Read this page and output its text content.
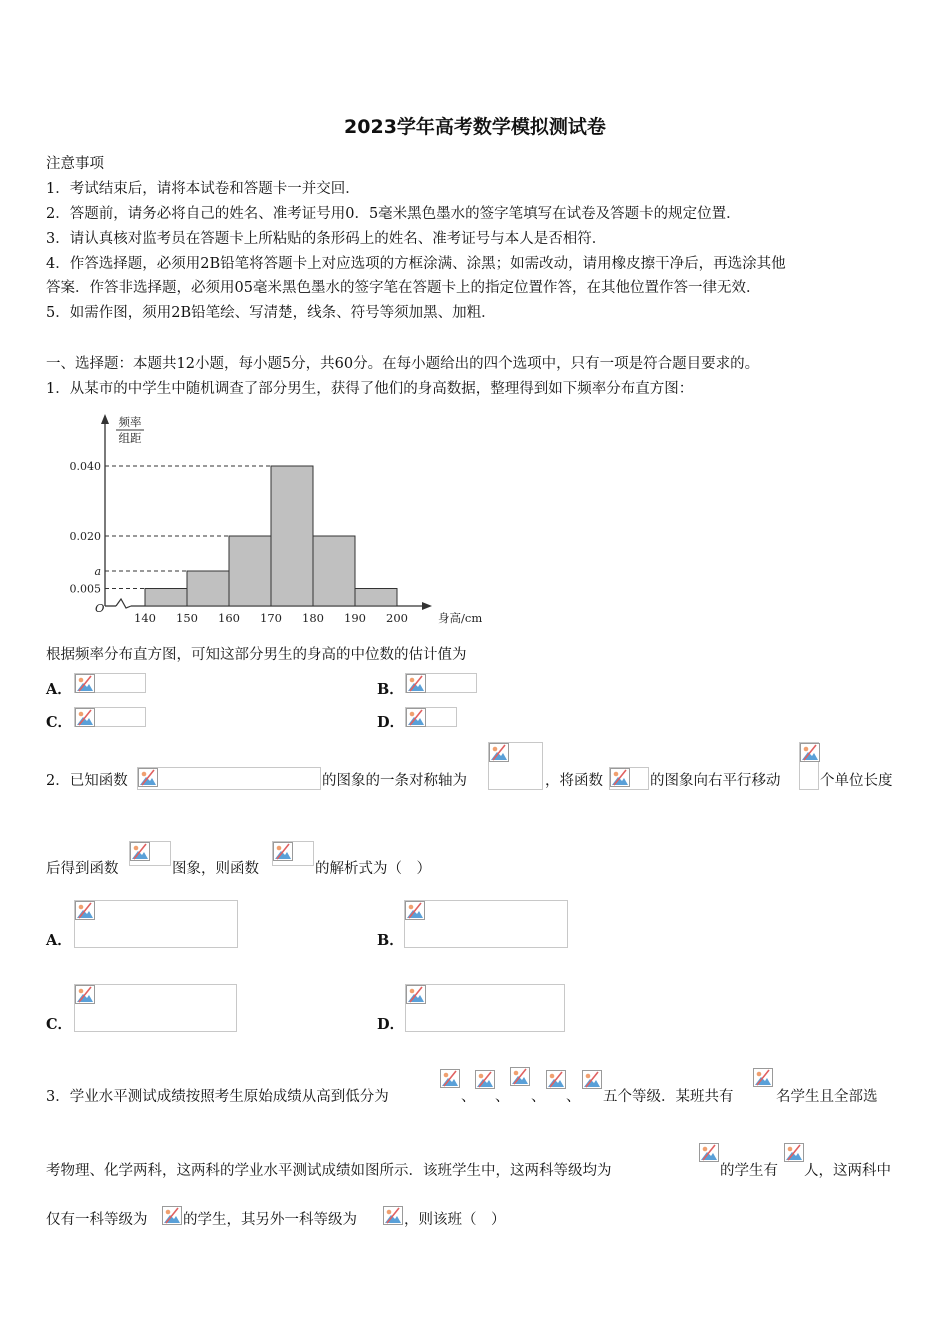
2023学年高考数学模拟测试卷
注意事项
1．考试结束后，请将本试卷和答题卡一并交回．
2．答题前，请务必将自己的姓名、准考证号用0．5毫米黑色墨水的签字笔填写在试卷及答题卡的规定位置．
3．请认真核对监考员在答题卡上所粘贴的条形码上的姓名、准考证号与本人是否相符．
4．作答选择题，必须用2B铅笔将答题卡上对应选项的方框涂满、涂黑；如需改动，请用橡皮擦干净后，再选涂其他
答案．作答非选择题，必须用05毫米黑色墨水的签字笔在答题卡上的指定位置作答，在其他位置作答一律无效．
5．如需作图，须用2B铅笔绘、写清楚，线条、符号等须加黑、加粗．
一、选择题：本题共12小题，每小题5分，共60分。在每小题给出的四个选项中，只有一项是符合题目要求的。
1．从某市的中学生中随机调查了部分男生，获得了他们的身高数据，整理得到如下频率分布直方图：
0.040
0.020
a
0.005
140 150 160 170 180 190 200
O
身高/cm
频率
组距
根据频率分布直方图，可知这部分男生的身高的中位数的估计值为
A．	B．
C．	D．
2．已知函数	的图象的一条对称轴为	，将函数	的图象向右平行移动	个单位长度
后得到函数	图象，则函数	的解析式为（　）
A．	B．
C．	D．
3．学业水平测试成绩按照考生原始成绩从高到低分为	、 、 、 、 五个等级．某班共有	名学生且全部选
考物理、化学两科，这两科的学业水平测试成绩如图所示．该班学生中，这两科等级均为	的学生有 人，这两科中
仅有一科等级为 的学生，其另外一科等级为	，则该班（　）
